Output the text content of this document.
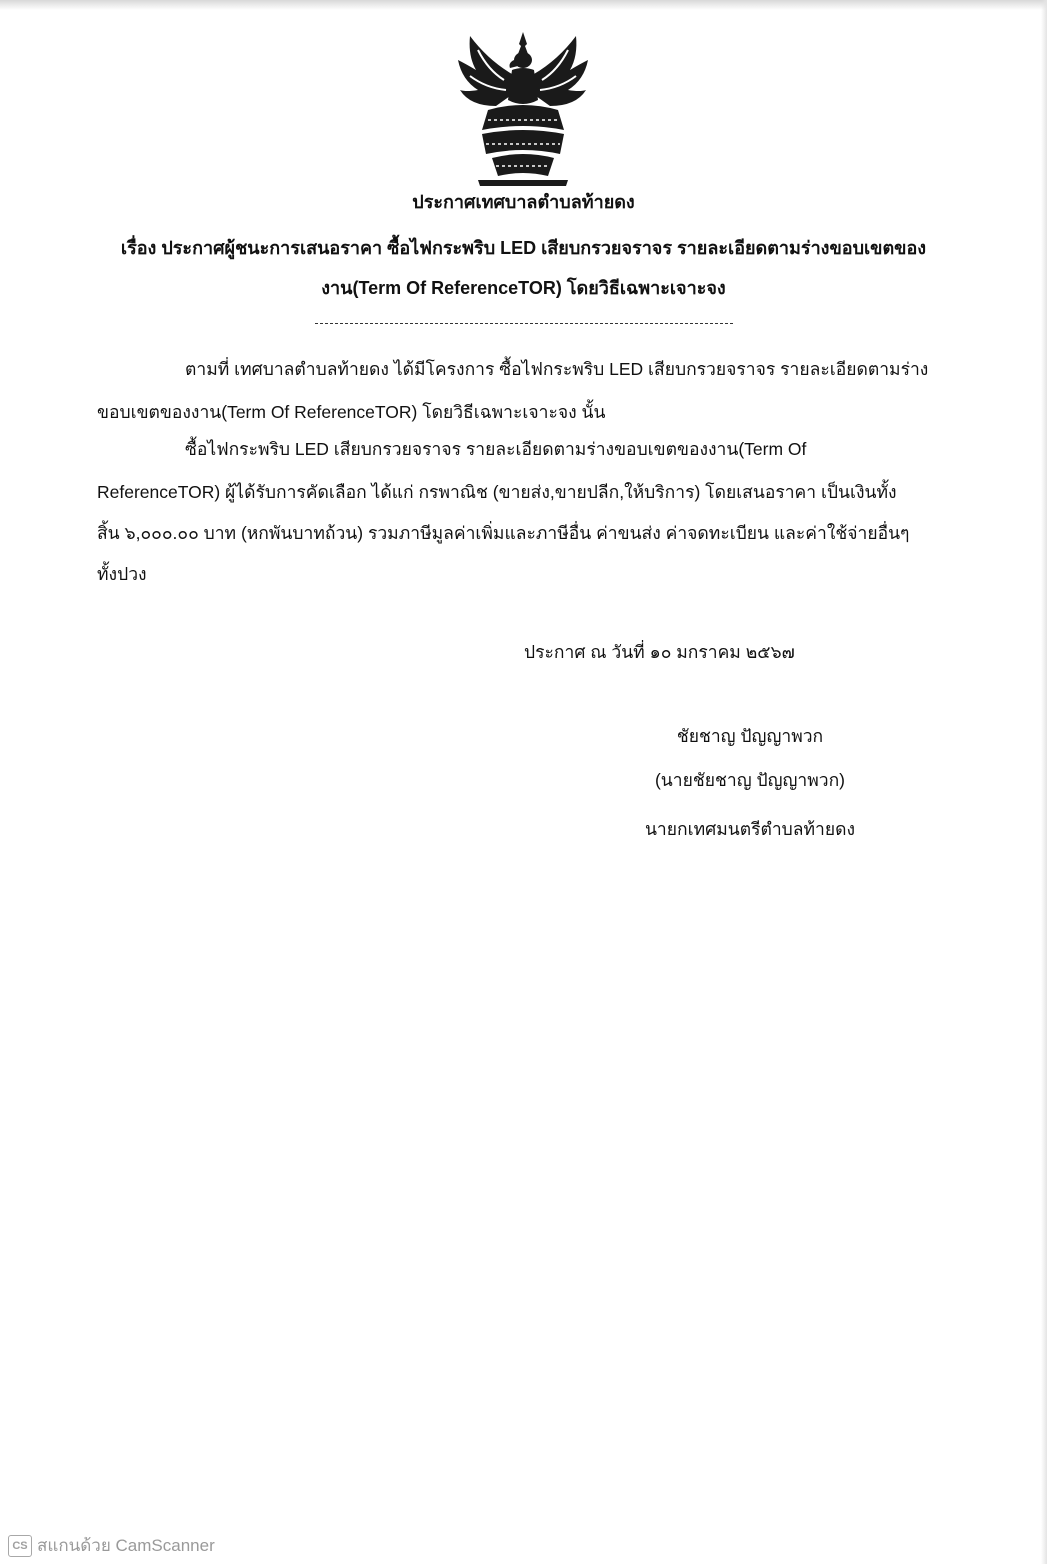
ประกาศเทศบาลตำบลท้ายดง
เรื่อง ประกาศผู้ชนะการเสนอราคา ซื้อไฟกระพริบ LED เสียบกรวยจราจร รายละเอียดตามร่างขอบเขตของ
งาน(Term Of ReferenceTOR) โดยวิธีเฉพาะเจาะจง
ตามที่ เทศบาลตำบลท้ายดง ได้มีโครงการ ซื้อไฟกระพริบ LED เสียบกรวยจราจร รายละเอียดตามร่าง
ขอบเขตของงาน(Term Of ReferenceTOR) โดยวิธีเฉพาะเจาะจง นั้น
ซื้อไฟกระพริบ LED เสียบกรวยจราจร รายละเอียดตามร่างขอบเขตของงาน(Term Of
ReferenceTOR) ผู้ได้รับการคัดเลือก ได้แก่ กรพาณิช (ขายส่ง,ขายปลีก,ให้บริการ) โดยเสนอราคา เป็นเงินทั้ง
สิ้น ๖,๐๐๐.๐๐ บาท (หกพันบาทถ้วน) รวมภาษีมูลค่าเพิ่มและภาษีอื่น ค่าขนส่ง ค่าจดทะเบียน และค่าใช้จ่ายอื่นๆ
ทั้งปวง
ประกาศ ณ วันที่ ๑๐ มกราคม ๒๕๖๗
ชัยชาญ ปัญญาพวก
(นายชัยชาญ ปัญญาพวก)
นายกเทศมนตรีตำบลท้ายดง
CS สแกนด้วย CamScanner
